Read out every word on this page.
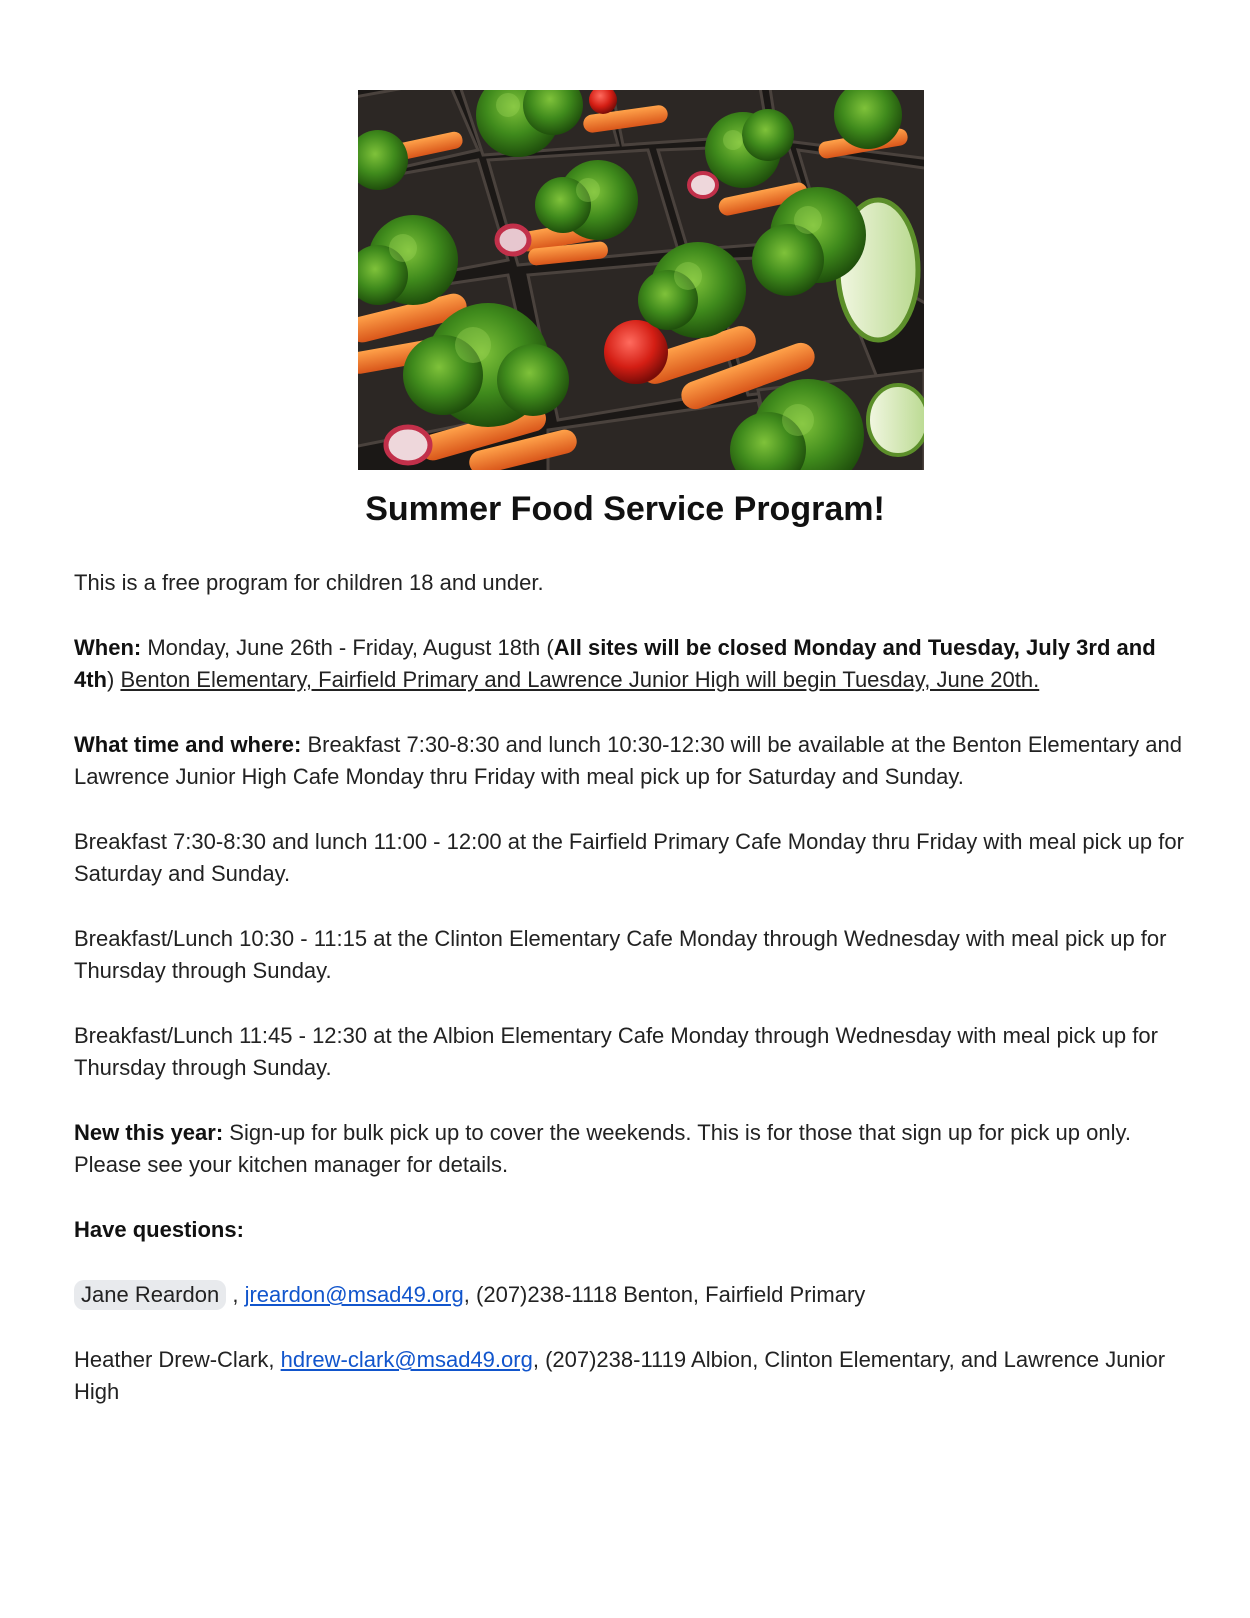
Summer Food Service Program!

This is a free program for children 18 and under.

When: Monday, June 26th - Friday, August 18th (All sites will be closed Monday and Tuesday, July 3rd and 4th) Benton Elementary, Fairfield Primary and Lawrence Junior High will begin Tuesday, June 20th.

What time and where: Breakfast 7:30-8:30 and lunch 10:30-12:30 will be available at the Benton Elementary and Lawrence Junior High Cafe Monday thru Friday with meal pick up for Saturday and Sunday.

Breakfast 7:30-8:30 and lunch 11:00 - 12:00 at the Fairfield Primary Cafe Monday thru Friday with meal pick up for Saturday and Sunday.

Breakfast/Lunch 10:30 - 11:15 at the Clinton Elementary Cafe Monday through Wednesday with meal pick up for Thursday through Sunday.

Breakfast/Lunch 11:45 - 12:30 at the Albion Elementary Cafe Monday through Wednesday with meal pick up for Thursday through Sunday.

New this year: Sign-up for bulk pick up to cover the weekends. This is for those that sign up for pick up only. Please see your kitchen manager for details.

Have questions:

Jane Reardon , jreardon@msad49.org, (207)238-1118 Benton, Fairfield Primary

Heather Drew-Clark, hdrew-clark@msad49.org, (207)238-1119 Albion, Clinton Elementary, and Lawrence Junior High
